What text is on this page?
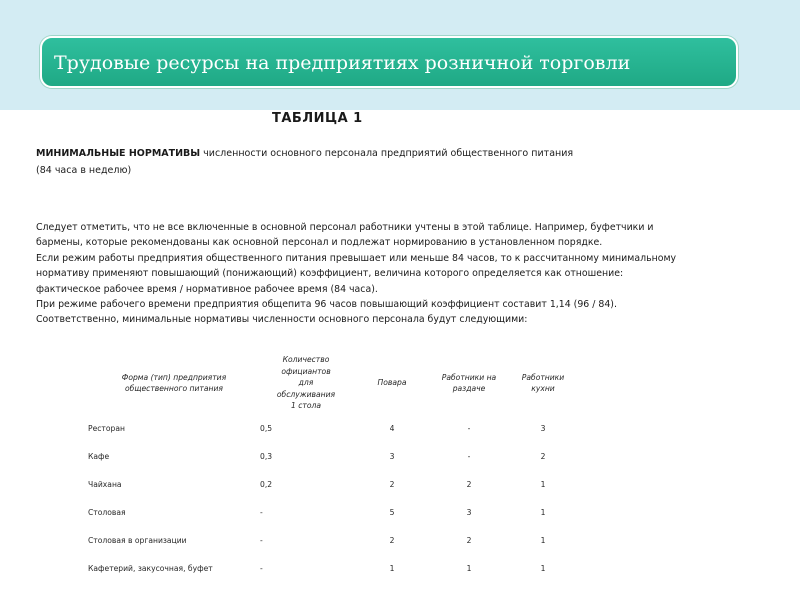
Трудовые ресурсы на предприятиях розничной торговли
ТАБЛИЦА 1
МИНИМАЛЬНЫЕ НОРМАТИВЫ численности основного персонала предприятий общественного питания
(84 часа в неделю)
Следует отметить, что не все включенные в основной персонал работники учтены в этой таблице. Например, буфетчики и
бармены, которые рекомендованы как основной персонал и подлежат нормированию в установленном порядке.
Если режим работы предприятия общественного питания превышает или меньше 84 часов, то к рассчитанному минимальному
нормативу применяют повышающий (понижающий) коэффициент, величина которого определяется как отношение:
фактическое рабочее время / нормативное рабочее время (84 часа).
При режиме рабочего времени предприятия общепита 96 часов повышающий коэффициент составит 1,14 (96 / 84).
Соответственно, минимальные нормативы численности основного персонала будут следующими:
Форма (тип) предприятия общественного питания	Количество официантов для обслуживания 1 стола	Повара	Работники на раздаче	Работники кухни

Ресторан	0,5	4	-	3
Кафе	0,3	3	-	2
Чайхана	0,2	2	2	1
Столовая	-	5	3	1
Столовая в организации	-	2	2	1
Кафетерий, закусочная, буфет	-	1	1	1
